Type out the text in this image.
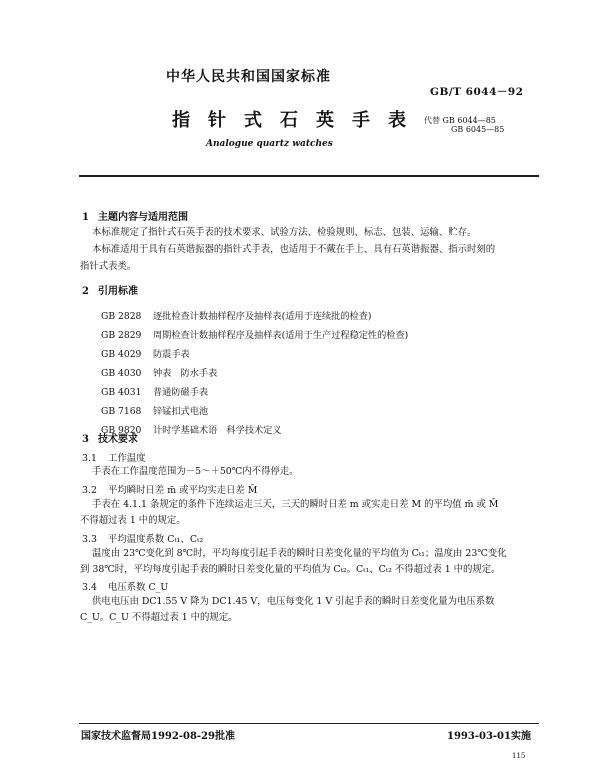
中华人民共和国国家标准
GB/T 6044－92
指针式石英手表 代替 GB 6044—85
GB 6045—85
Analogue quartz watches
1 主题内容与适用范围
本标准规定了指针式石英手表的技术要求、试验方法、检验规则、标志、包装、运输、贮存。
本标准适用于具有石英谐振器的指针式手表，也适用于不戴在手上、具有石英谐振器、指示时刻的
指针式表类。
2 引用标准
GB 2828 逐批检查计数抽样程序及抽样表(适用于连续批的检查)
GB 2829 周期检查计数抽样程序及抽样表(适用于生产过程稳定性的检查)
GB 4029 防震手表
GB 4030 钟表　防水手表
GB 4031 普通防磁手表
GB 7168 锌锰扣式电池
GB 9820 计时学基础术语　科学技术定义
3 技术要求
3.1 工作温度
手表在工作温度范围为－5～＋50℃内不得停走。
3.2 平均瞬时日差 m̄ 或平均实走日差 M̄
手表在 4.1.1 条规定的条件下连续运走三天，三天的瞬时日差 m 或实走日差 M 的平均值 m̄ 或 M̄
不得超过表 1 中的规定。
3.3 平均温度系数 Cₜ₁、Cₜ₂
温度由 23℃变化到 8℃时，平均每度引起手表的瞬时日差变化量的平均值为 Cₜ₁；温度由 23℃变化
到 38℃时，平均每度引起手表的瞬时日差变化量的平均值为 Cₜ₂。Cₜ₁、Cₜ₂ 不得超过表 1 中的规定。
3.4 电压系数 C_U
供电电压由 DC1.55 V 降为 DC1.45 V，电压每变化 1 V 引起手表的瞬时日差变化量为电压系数
C_U。C_U 不得超过表 1 中的规定。
国家技术监督局1992-08-29批准	1993-03-01实施
115
